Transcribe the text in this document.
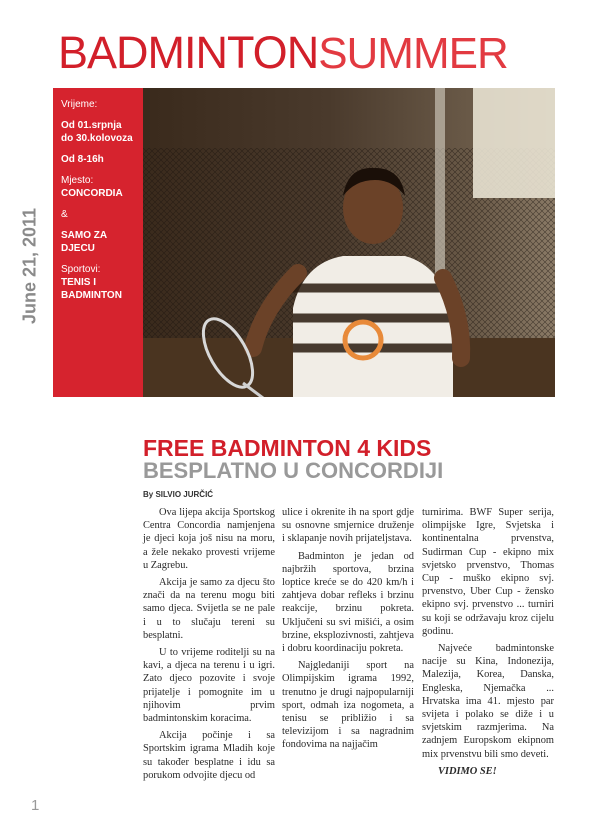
BADMINTONSUMMER
June 21, 2011
Vrijeme:
Od 01.srpnja do 30.kolovoza
Od 8-16h
Mjesto:
CONCORDIA
&
SAMO ZA DJECU
Sportovi:
TENIS I BADMINTON
FREE BADMINTON 4 KIDS
BESPLATNO U CONCORDIJI
By SILVIO JURČIĆ

Ova lijepa akcija Sportskog Centra Concordia namjenjena je djeci koja još nisu na moru, a žele nekako provesti vrijeme u Zagrebu.

Akcija je samo za djecu što znači da na terenu mogu biti samo djeca. Svijetla se ne pale i u to slučaju tereni su besplatni.

U to vrijeme roditelji su na kavi, a djeca na terenu i u igri. Zato djeco pozovite i svoje prijatelje i pomognite im u njihovim prvim badmintonskim koracima.

Akcija počinje i sa Sportskim igrama Mladih koje su također besplatne i idu sa porukom odvojite djecu od

ulice i okrenite ih na sport gdje su osnovne smjernice druženje i sklapanje novih prijateljstava.

Badminton je jedan od najbržih sportova, brzina loptice kreće se do 420 km/h i zahtjeva dobar refleks i brzinu reakcije, brzinu pokreta. Uključeni su svi mišići, a osim brzine, eksplozivnosti, zahtjeva i dobru koordinaciju pokreta.

Najgledaniji sport na Olimpijskim igrama 1992, trenutno je drugi najpopularniji sport, odmah iza nogometa, a tenisu se približio i sa televizijom i sa nagradnim fondovima na najjačim

turnirima. BWF Super serija, olimpijske Igre, Svjetska i kontinentalna prvenstva, Sudirman Cup - ekipno mix svjetsko prvenstvo, Thomas Cup - muško ekipno svj. prvenstvo, Uber Cup - žensko ekipno svj. prvenstvo ... turniri su koji se održavaju kroz cijelu godinu.

Najveće badmintonske nacije su Kina, Indonezija, Malezija, Korea, Danska, Engleska, Njemačka ... Hrvatska ima 41. mjesto par svijeta i polako se diže i u svjetskim razmjerima. Na zadnjem Europskom ekipnom mix prvenstvu bili smo deveti.

VIDIMO SE!

1
